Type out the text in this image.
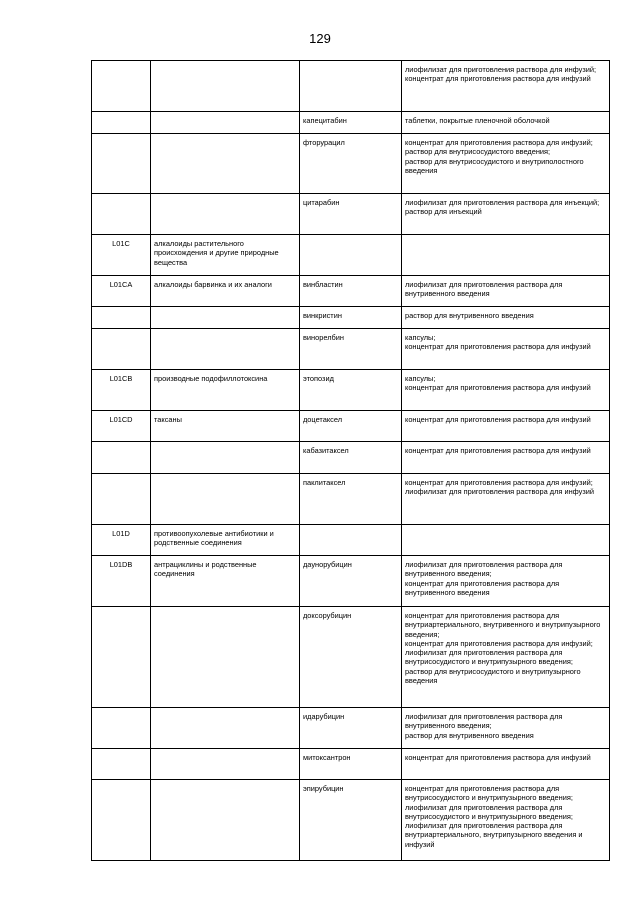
129
			лиофилизат для приготовления раствора для инфузий;
концентрат для приготовления раствора для инфузий
		капецитабин	таблетки, покрытые пленочной оболочкой
		фторурацил	концентрат для приготовления раствора для инфузий;
раствор для внутрисосудистого введения;
раствор для внутрисосудистого и внутриполостного введения
		цитарабин	лиофилизат для приготовления раствора для инъекций;
раствор для инъекций
L01C	алкалоиды растительного происхождения и другие природные вещества		
L01CA	алкалоиды барвинка и их аналоги	винбластин	лиофилизат для приготовления раствора для внутривенного введения
		винкристин	раствор для внутривенного введения
		винорелбин	капсулы;
концентрат для приготовления раствора для инфузий
L01CB	производные подофиллотоксина	этопозид	капсулы;
концентрат для приготовления раствора для инфузий
L01CD	таксаны	доцетаксел	концентрат для приготовления раствора для инфузий
		кабазитаксел	концентрат для приготовления раствора для инфузий
		паклитаксел	концентрат для приготовления раствора для инфузий;
лиофилизат для приготовления раствора для инфузий
L01D	противоопухолевые антибиотики и родственные соединения		
L01DB	антрациклины и родственные соединения	даунорубицин	лиофилизат для приготовления раствора для внутривенного введения;
концентрат для приготовления раствора для внутривенного введения
		доксорубицин	концентрат для приготовления раствора для внутриартериального, внутривенного и внутрипузырного введения;
концентрат для приготовления раствора для инфузий;
лиофилизат для приготовления раствора для внутрисосудистого и внутрипузырного введения;
раствор для внутрисосудистого и внутрипузырного введения
		идарубицин	лиофилизат для приготовления раствора для внутривенного введения;
раствор для внутривенного введения
		митоксантрон	концентрат для приготовления раствора для инфузий
		эпирубицин	концентрат для приготовления раствора для внутрисосудистого и внутрипузырного введения;
лиофилизат для приготовления раствора для внутрисосудистого и внутрипузырного введения;
лиофилизат для приготовления раствора для внутриартериального, внутрипузырного введения и инфузий
